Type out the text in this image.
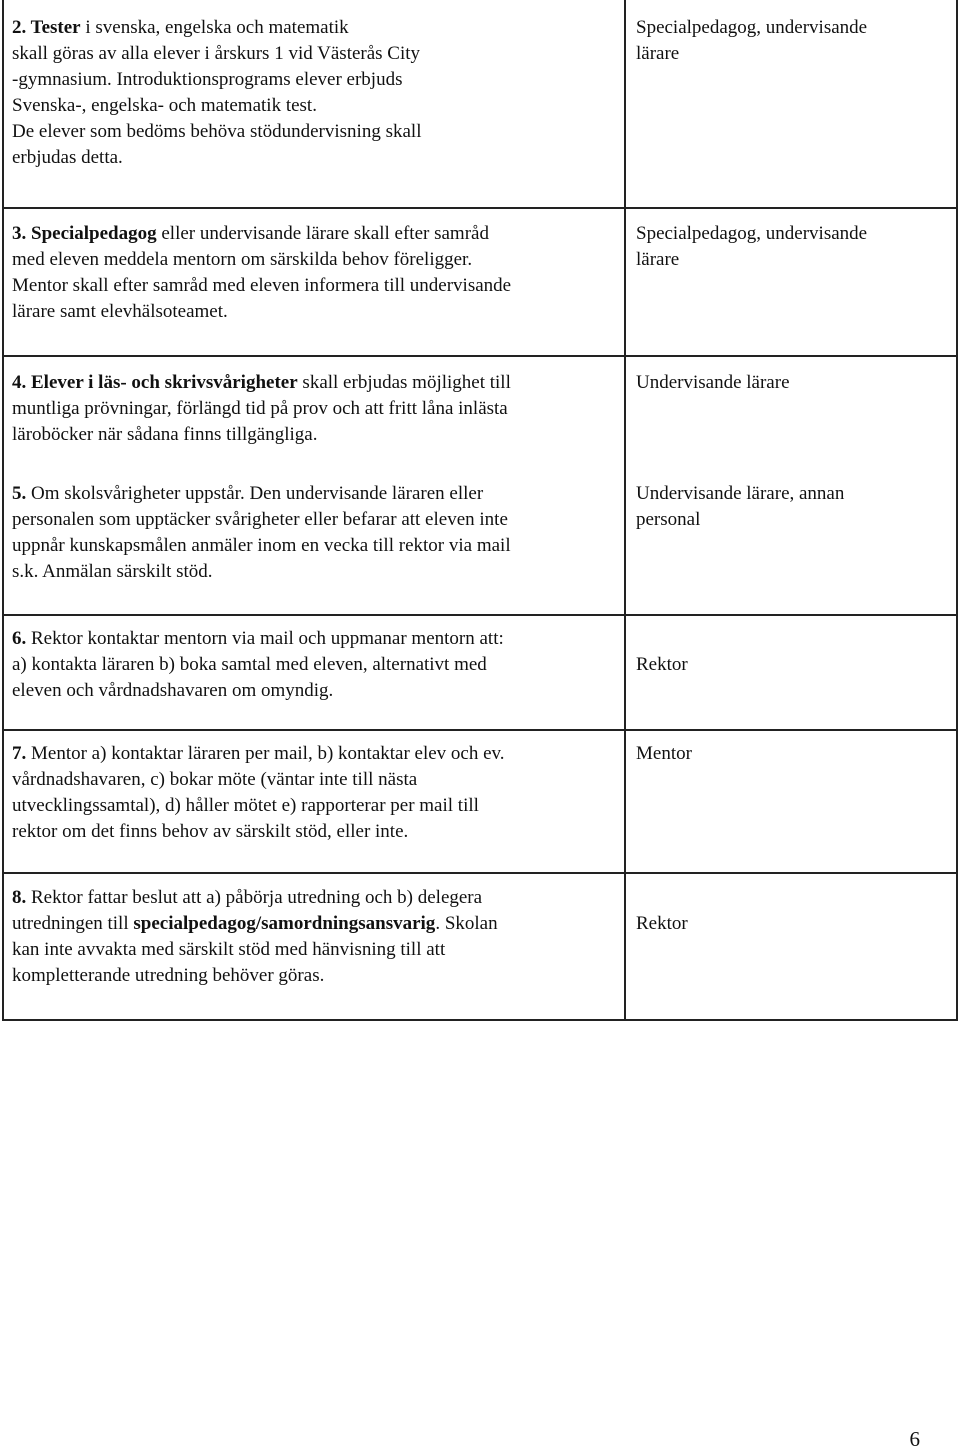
2. Tester i svenska, engelska och matematik
skall göras av alla elever i årskurs 1 vid Västerås City
-gymnasium. Introduktionsprograms elever erbjuds
Svenska-, engelska- och matematik test.
De elever som bedöms behöva stödundervisning skall
erbjudas detta.
Specialpedagog, undervisande
lärare
3. Specialpedagog eller undervisande lärare skall efter samråd
med eleven meddela mentorn om särskilda behov föreligger.
Mentor skall efter samråd med eleven informera till undervisande
lärare samt elevhälsoteamet.
Specialpedagog, undervisande
lärare
4. Elever i läs- och skrivsvårigheter skall erbjudas möjlighet till
muntliga prövningar, förlängd tid på prov och att fritt låna inlästa
läroböcker när sådana finns tillgängliga.
Undervisande lärare
5. Om skolsvårigheter uppstår. Den undervisande läraren eller
personalen som upptäcker svårigheter eller befarar att eleven inte
uppnår kunskapsmålen anmäler inom en vecka till rektor via mail
s.k. Anmälan särskilt stöd.
Undervisande lärare, annan
personal
6. Rektor kontaktar mentorn via mail och uppmanar mentorn att:
a) kontakta läraren b) boka samtal med eleven, alternativt med
eleven och vårdnadshavaren om omyndig.
Rektor
7. Mentor a) kontaktar läraren per mail, b) kontaktar elev och ev.
vårdnadshavaren, c) bokar möte (väntar inte till nästa
utvecklingssamtal), d) håller mötet e) rapporterar per mail till
rektor om det finns behov av särskilt stöd, eller inte.
Mentor
8. Rektor fattar beslut att a) påbörja utredning och b) delegera
utredningen till specialpedagog/samordningsansvarig. Skolan
kan inte avvakta med särskilt stöd med hänvisning till att
kompletterande utredning behöver göras.
Rektor
6
